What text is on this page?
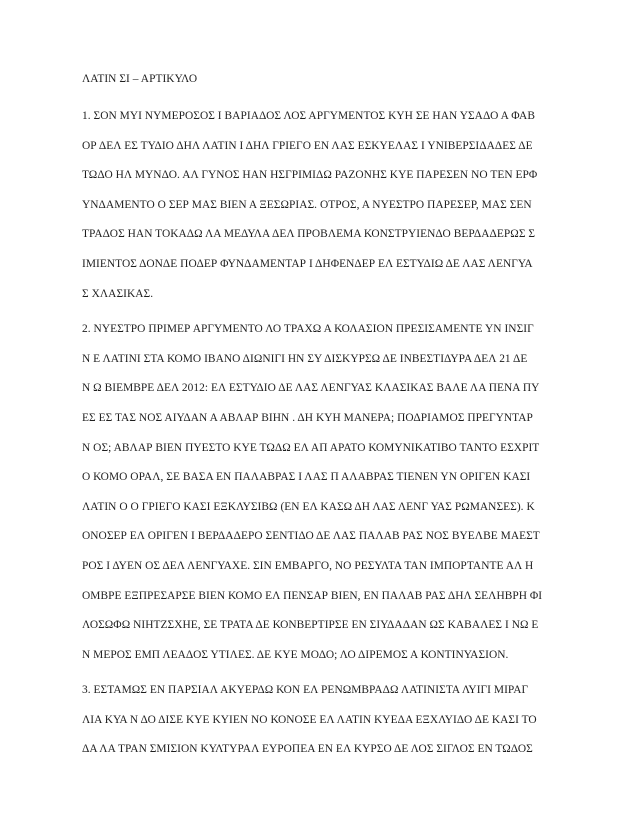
ΛΑΤΙΝ ΣΙ – ΑΡΤΙΚΥΛΟ
1. ΣΟΝ ΜΥΙ ΝΥΜΕΡΟΣΟΣ Ι ΒΑΡΙΑΔΟΣ ΛΟΣ ΑΡΓΥΜΕΝΤΟΣ ΚΥΗ ΣΕ ΗΑΝ ΥΣΑΔΟ Α ΦΑΒ
ΟΡ ΔΕΛ ΕΣ ΤΥΔΙΟ ΔΗΛ ΛΑΤΙΝ Ι ΔΗΛ ΓΡΙΕΓΟ ΕΝ ΛΑΣ ΕΣΚΥΕΛΑΣ Ι ΥΝΙΒΕΡΣΙΔΑΔΕΣ ΔΕ
ΤΩΔΟ ΗΛ ΜΥΝΔΟ. ΑΛ ΓΥΝΟΣ ΗΑΝ ΗΣΓΡΙΜΙΔΩ ΡΑΖΟΝΗΣ ΚΥΕ ΠΑΡΕΣΕΝ ΝΟ ΤΕΝ ΕΡΦ
ΥΝΔΑΜΕΝΤΟ Ο ΣΕΡ ΜΑΣ ΒΙΕΝ Α ΞΕΣΩΡΙΑΣ. ΟΤΡΟΣ, Α ΝΥΕΣΤΡΟ ΠΑΡΕΣΕΡ, ΜΑΣ ΣΕΝ
ΤΡΑΔΟΣ ΗΑΝ ΤΟΚΑΔΩ ΛΑ ΜΕΔΥΛΑ ΔΕΛ ΠΡΟΒΛΕΜΑ ΚΟΝΣΤΡΥΙΕΝΔΟ ΒΕΡΔΑΔΕΡΩΣ Σ
ΙΜΙΕΝΤΟΣ ΔΟΝΔΕ ΠΟΔΕΡ ΦΥΝΔΑΜΕΝΤΑΡ Ι ΔΗΦΕΝΔΕΡ ΕΛ ΕΣΤΥΔΙΩ ΔΕ ΛΑΣ ΛΕΝΓΥΑ
Σ ΧΛΑΣΙΚΑΣ.
2. ΝΥΕΣΤΡΟ ΠΡΙΜΕΡ ΑΡΓΥΜΕΝΤΟ ΛΟ ΤΡΑΧΩ Α ΚΟΛΑΣΙΟΝ ΠΡΕΣΙΣΑΜΕΝΤΕ ΥΝ ΙΝΣΙΓ
Ν Ε ΛΑΤΙΝΙ ΣΤΑ ΚΟΜΟ ΙΒΑΝΟ ΔΙΩΝΙΓΙ ΗΝ ΣΥ ΔΙΣΚΥΡΣΩ ΔΕ ΙΝΒΕΣΤΙΔΥΡΑ ΔΕΛ 21 ΔΕ
Ν Ω ΒΙΕΜΒΡΕ ΔΕΛ 2012: ΕΛ ΕΣΤΥΔΙΟ ΔΕ ΛΑΣ ΛΕΝΓΥΑΣ ΚΛΑΣΙΚΑΣ ΒΑΛΕ ΛΑ ΠΕΝΑ ΠΥ
ΕΣ ΕΣ ΤΑΣ ΝΟΣ ΑΙΥΔΑΝ Α ΑΒΛΑΡ ΒΙΗΝ . ΔΗ ΚΥΗ ΜΑΝΕΡΑ; ΠΟΔΡΙΑΜΟΣ ΠΡΕΓΥΝΤΑΡ
Ν ΟΣ; ΑΒΛΑΡ ΒΙΕΝ ΠΥΕΣΤΟ ΚΥΕ ΤΩΔΩ ΕΛ ΑΠ ΑΡΑΤΟ ΚΟΜΥΝΙΚΑΤΙΒΟ ΤΑΝΤΟ ΕΣΧΡΙΤ
Ο ΚΟΜΟ ΟΡΑΛ, ΣΕ ΒΑΣΑ ΕΝ ΠΑΛΑΒΡΑΣ Ι ΛΑΣ Π ΑΛΑΒΡΑΣ ΤΙΕΝΕΝ ΥΝ ΟΡΙΓΕΝ ΚΑΣΙ
ΛΑΤΙΝ Ο Ο ΓΡΙΕΓΟ ΚΑΣΙ ΕΞΚΛΥΣΙΒΩ (ΕΝ ΕΛ ΚΑΣΩ ΔΗ ΛΑΣ ΛΕΝΓ ΥΑΣ ΡΩΜΑΝΣΕΣ). Κ
ΟΝΟΣΕΡ ΕΛ ΟΡΙΓΕΝ Ι ΒΕΡΔΑΔΕΡΟ ΣΕΝΤΙΔΟ ΔΕ ΛΑΣ ΠΑΛΑΒ ΡΑΣ ΝΟΣ ΒΥΕΛΒΕ ΜΑΕΣΤ
ΡΟΣ Ι ΔΥΕΝ ΟΣ ΔΕΛ ΛΕΝΓΥΑΧΕ. ΣΙΝ ΕΜΒΑΡΓΟ, ΝΟ ΡΕΣΥΛΤΑ ΤΑΝ ΙΜΠΟΡΤΑΝΤΕ ΑΛ Η
ΟΜΒΡΕ ΕΞΠΡΕΣΑΡΣΕ ΒΙΕΝ ΚΟΜΟ ΕΛ ΠΕΝΣΑΡ ΒΙΕΝ, ΕΝ ΠΑΛΑΒ ΡΑΣ ΔΗΛ ΣΕΛΗΒΡΗ ΦΙ
ΛΟΣΩΦΩ ΝΙΗΤΖΣΧΗΕ, ΣΕ ΤΡΑΤΑ ΔΕ ΚΟΝΒΕΡΤΙΡΣΕ ΕΝ ΣΙΥΔΑΔΑΝ ΩΣ ΚΑΒΑΛΕΣ Ι ΝΩ Ε
Ν ΜΕΡΟΣ ΕΜΠ ΛΕΑΔΟΣ ΥΤΙΛΕΣ. ΔΕ ΚΥΕ ΜΟΔΟ; ΛΟ ΔΙΡΕΜΟΣ Α ΚΟΝΤΙΝΥΑΣΙΟΝ.
3. ΕΣΤΑΜΩΣ ΕΝ ΠΑΡΣΙΑΛ ΑΚΥΕΡΔΩ ΚΟΝ ΕΛ ΡΕΝΩΜΒΡΑΔΩ ΛΑΤΙΝΙΣΤΑ ΛΥΙΓΙ ΜΙΡΑΓ
ΛΙΑ ΚΥΑ Ν ΔΟ ΔΙΣΕ ΚΥΕ ΚΥΙΕΝ ΝΟ ΚΟΝΟΣΕ ΕΛ ΛΑΤΙΝ ΚΥΕΔΑ ΕΞΧΛΥΙΔΟ ΔΕ ΚΑΣΙ ΤΟ
ΔΑ ΛΑ ΤΡΑΝ ΣΜΙΣΙΟΝ ΚΥΛΤΥΡΑΛ ΕΥΡΟΠΕΑ ΕΝ ΕΛ ΚΥΡΣΟ ΔΕ ΛΟΣ ΣΙΓΛΟΣ ΕΝ ΤΩΔΟΣ
